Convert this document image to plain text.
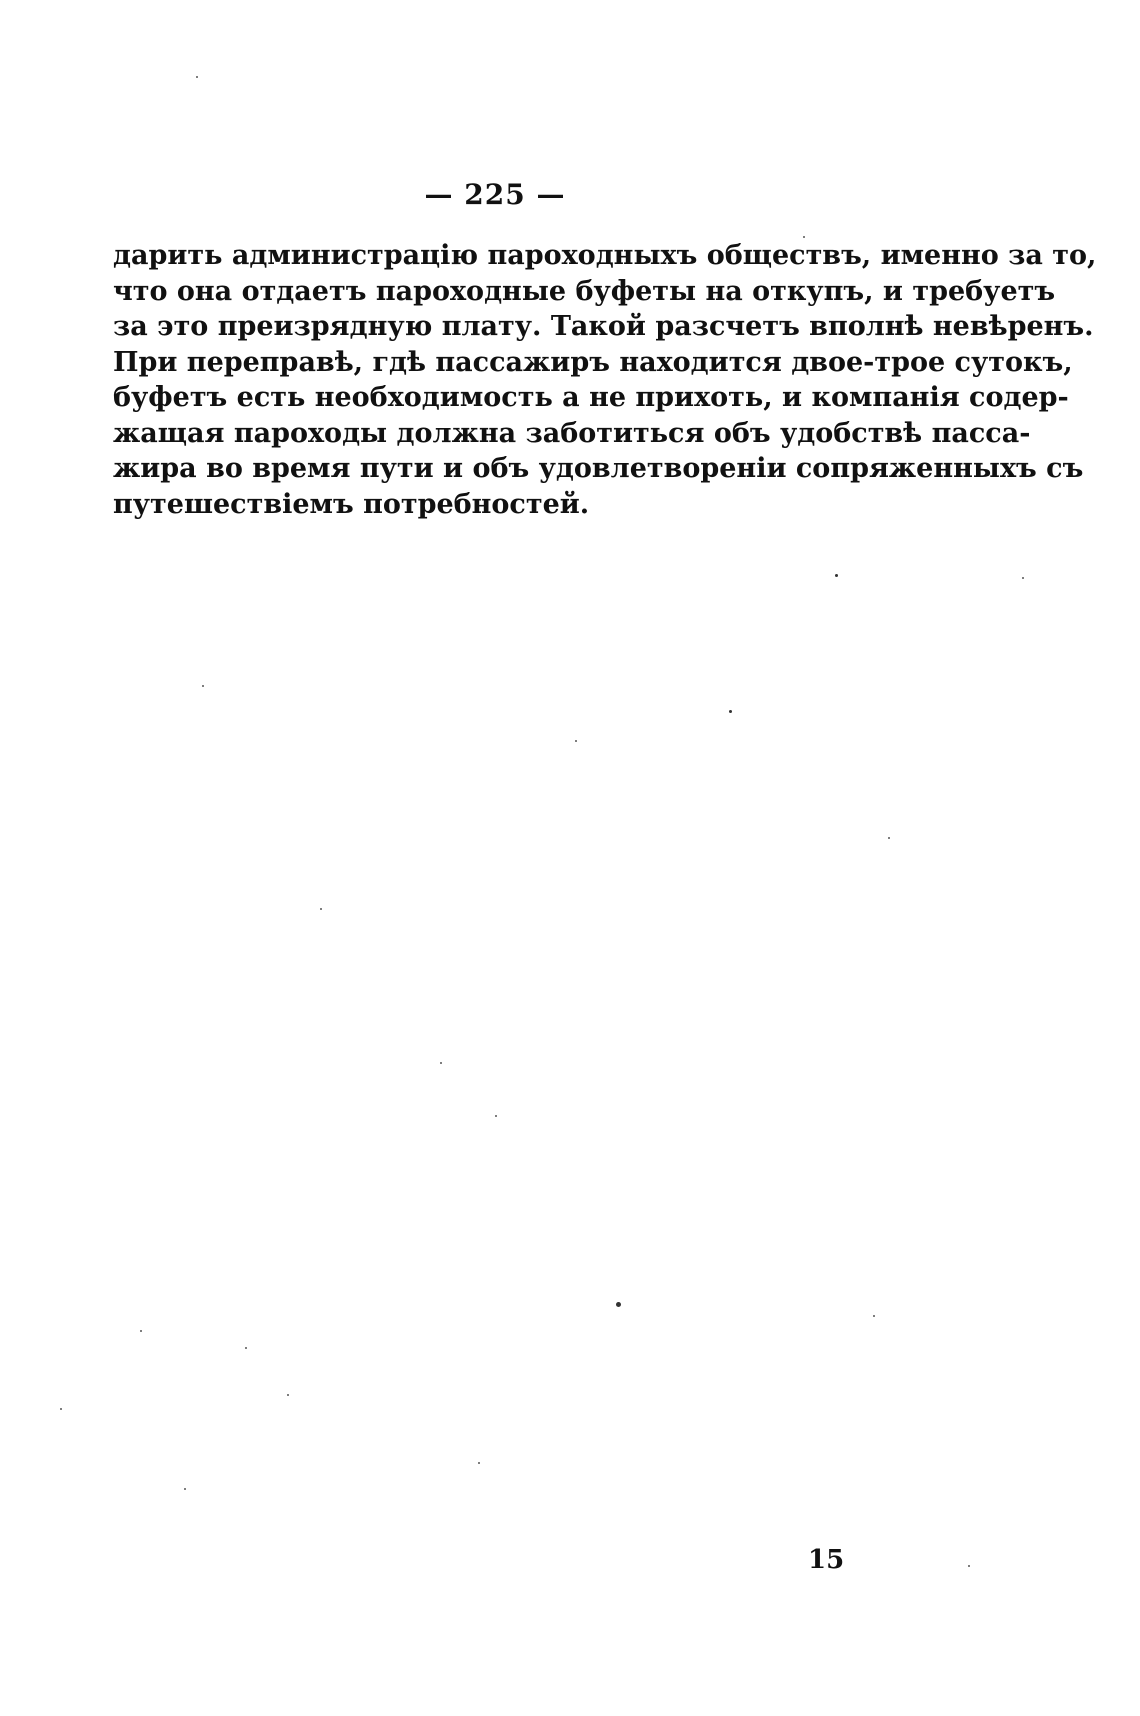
— 225 —
дарить администрацію пароходныхъ обществъ, именно за то,
что она отдаетъ пароходные буфеты на откупъ, и требуетъ
за это преизрядную плату. Такой разсчетъ вполнѣ невѣренъ.
При переправѣ, гдѣ пассажиръ находится двое-трое сутокъ,
буфетъ есть необходимость а не прихоть, и компанія содер-
жащая пароходы должна заботиться объ удобствѣ пасса-
жира во время пути и объ удовлетвореніи сопряженныхъ съ
путешествіемъ потребностей.
15
